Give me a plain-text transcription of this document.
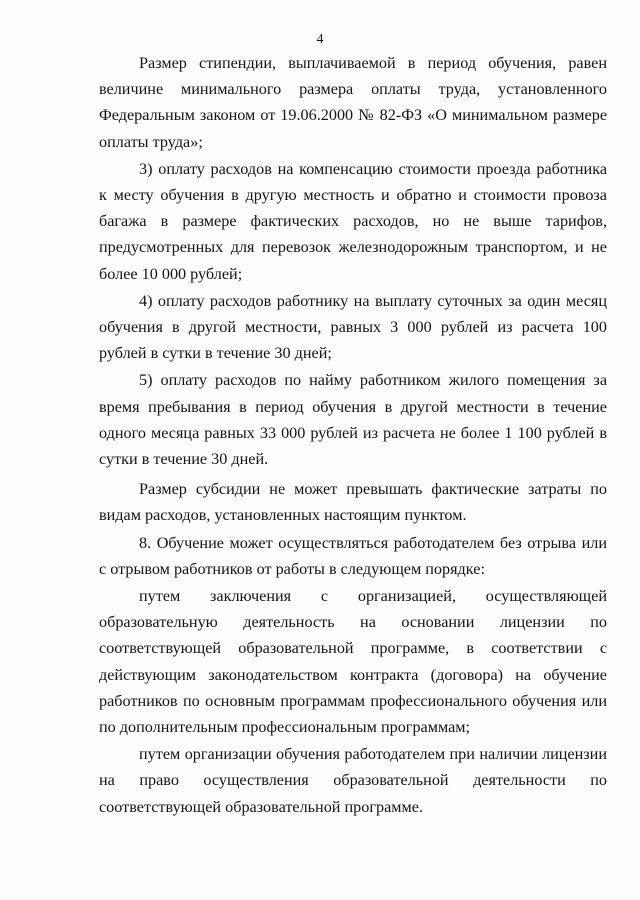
4

Размер стипендии, выплачиваемой в период обучения, равен величине минимального размера оплаты труда, установленного Федеральным законом от 19.06.2000 № 82-ФЗ «О минимальном размере оплаты труда»;

3) оплату расходов на компенсацию стоимости проезда работника к месту обучения в другую местность и обратно и стоимости провоза багажа в размере фактических расходов, но не выше тарифов, предусмотренных для перевозок железнодорожным транспортом, и не более 10 000 рублей;

4) оплату расходов работнику на выплату суточных за один месяц обучения в другой местности, равных 3 000 рублей из расчета 100 рублей в сутки в течение 30 дней;

5) оплату расходов по найму работником жилого помещения за время пребывания в период обучения в другой местности в течение одного месяца равных 33 000 рублей из расчета не более 1 100 рублей в сутки в течение 30 дней.

Размер субсидии не может превышать фактические затраты по видам расходов, установленных настоящим пунктом.

8. Обучение может осуществляться работодателем без отрыва или с отрывом работников от работы в следующем порядке:

путем заключения с организацией, осуществляющей образовательную деятельность на основании лицензии по соответствующей образовательной программе, в соответствии с действующим законодательством контракта (договора) на обучение работников по основным программам профессионального обучения или по дополнительным профессиональным программам;

путем организации обучения работодателем при наличии лицензии на право осуществления образовательной деятельности по соответствующей образовательной программе.
